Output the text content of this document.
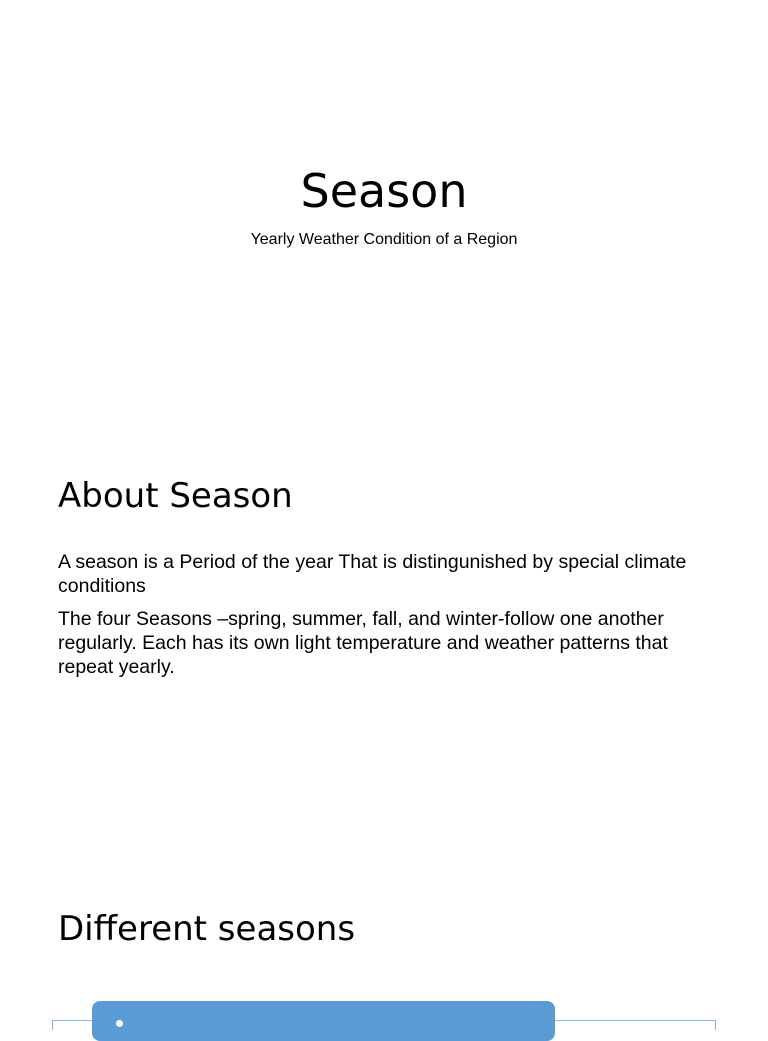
Season

Yearly Weather Condition of a Region

About Season

A season is a Period of the year That is distingunished by special climate conditions

The four Seasons –spring, summer, fall, and winter-follow one another regularly. Each has its own light temperature and weather patterns that repeat yearly.

Different seasons
